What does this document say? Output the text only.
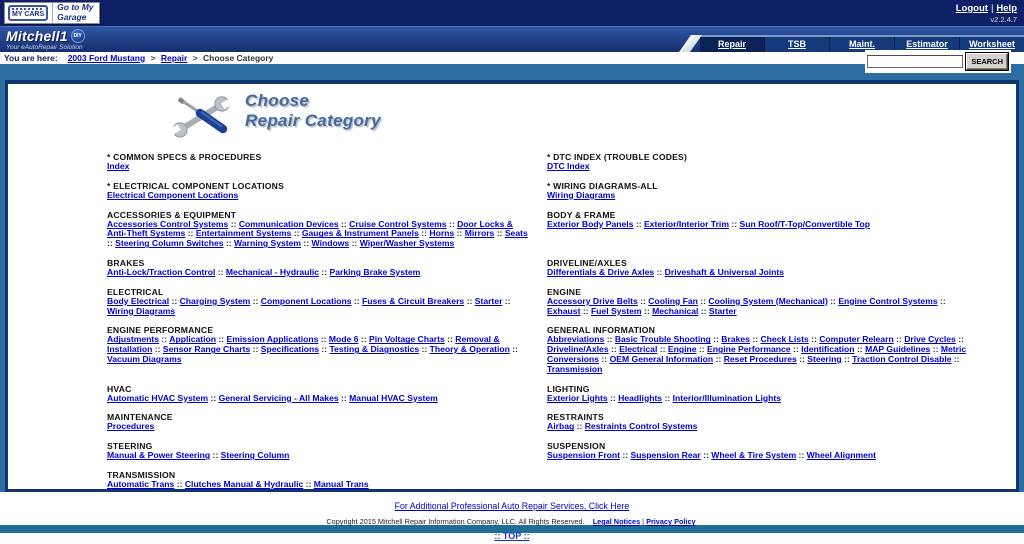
MY CARS
Go to My Garage
Logout | Help
v2.2.4.7
Mitchell1	DIY
Your eAutoRepair Solution	Repair	TSB	Maint.	Estimator	Worksheet
You are here:	2003 Ford Mustang > Repair > Choose Category	SEARCH
Choose
Repair Category
* COMMON SPECS & PROCEDURES
Index
* DTC INDEX (TROUBLE CODES)
DTC Index
* ELECTRICAL COMPONENT LOCATIONS
Electrical Component Locations
* WIRING DIAGRAMS-ALL
Wiring Diagrams
ACCESSORIES & EQUIPMENT
Accessories Control Systems :: Communication Devices :: Cruise Control Systems :: Door Locks & Anti-Theft Systems :: Entertainment Systems :: Gauges & Instrument Panels :: Horns :: Mirrors :: Seats :: Steering Column Switches :: Warning System :: Windows :: Wiper/Washer Systems
BODY & FRAME
Exterior Body Panels :: Exterior/Interior Trim :: Sun Roof/T-Top/Convertible Top
BRAKES
Anti-Lock/Traction Control :: Mechanical - Hydraulic :: Parking Brake System
DRIVELINE/AXLES
Differentials & Drive Axles :: Driveshaft & Universal Joints
ELECTRICAL
Body Electrical :: Charging System :: Component Locations :: Fuses & Circuit Breakers :: Starter :: Wiring Diagrams
ENGINE
Accessory Drive Belts :: Cooling Fan :: Cooling System (Mechanical) :: Engine Control Systems :: Exhaust :: Fuel System :: Mechanical :: Starter
ENGINE PERFORMANCE
Adjustments :: Application :: Emission Applications :: Mode 6 :: Pin Voltage Charts :: Removal & Installation :: Sensor Range Charts :: Specifications :: Testing & Diagnostics :: Theory & Operation :: Vacuum Diagrams
GENERAL INFORMATION
Abbreviations :: Basic Trouble Shooting :: Brakes :: Check Lists :: Computer Relearn :: Drive Cycles :: Driveline/Axles :: Electrical :: Engine :: Engine Performance :: Identification :: MAP Guidelines :: Metric Conversions :: OEM General Information :: Reset Procedures :: Steering :: Traction Control Disable :: Transmission
HVAC
Automatic HVAC System :: General Servicing - All Makes :: Manual HVAC System
LIGHTING
Exterior Lights :: Headlights :: Interior/Illumination Lights
MAINTENANCE
Procedures
RESTRAINTS
Airbag :: Restraints Control Systems
STEERING
Manual & Power Steering :: Steering Column
SUSPENSION
Suspension Front :: Suspension Rear :: Wheel & Tire System :: Wheel Alignment
TRANSMISSION
Automatic Trans :: Clutches Manual & Hydraulic :: Manual Trans
For Additional Professional Auto Repair Services, Click Here
Copyright 2015 Mitchell Repair Information Company, LLC. All Rights Reserved. Legal Notices | Privacy Policy
:: TOP ::
